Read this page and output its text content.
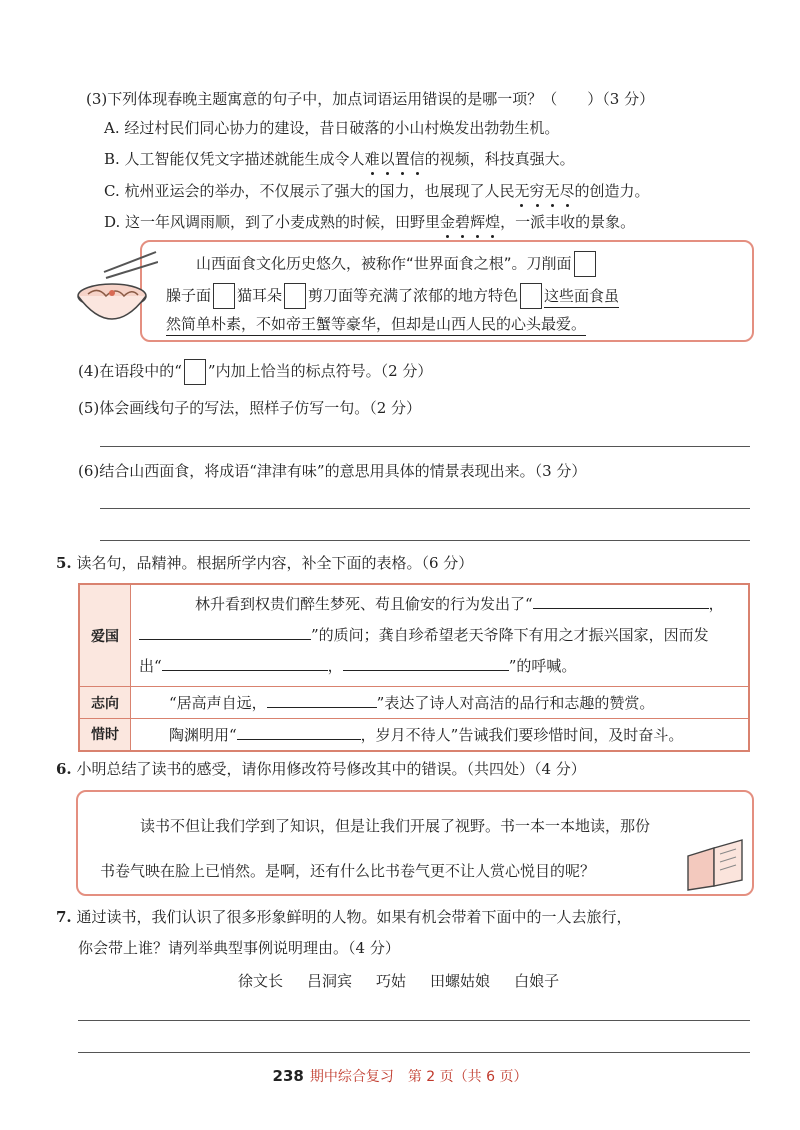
(3)下列体现春晚主题寓意的句子中，加点词语运用错误的是哪一项？（　　）（3 分）
A. 经过村民们同心协力的建设，昔日破落的小山村焕发出勃勃生机。
B. 人工智能仅凭文字描述就能生成令人难以置信的视频，科技真强大。
C. 杭州亚运会的举办，不仅展示了强大的国力，也展现了人民无穷无尽的创造力。
D. 这一年风调雨顺，到了小麦成熟的时候，田野里金碧辉煌，一派丰收的景象。
山西面食文化历史悠久，被称作“世界面食之根”。刀削面
臊子面 猫耳朵 剪刀面等充满了浓郁的地方特色 这些面食虽
然简单朴素，不如帝王蟹等豪华，但却是山西人民的心头最爱。
(4)在语段中的“ ”内加上恰当的标点符号。（2 分）
(5)体会画线句子的写法，照样子仿写一句。（2 分）
(6)结合山西面食，将成语“津津有味”的意思用具体的情景表现出来。（3 分）
5. 读名句，品精神。根据所学内容，补全下面的表格。（6 分）
爱国	林升看到权贵们醉生梦死、苟且偷安的行为发出了“ ，
”的质问；龚自珍希望老天爷降下有用之才振兴国家，因而发
出“ ， ”的呼喊。

志向	“居高声自远， ”表达了诗人对高洁的品行和志趣的赞赏。
惜时	陶渊明用“ ，岁月不待人”告诫我们要珍惜时间，及时奋斗。
6. 小明总结了读书的感受，请你用修改符号修改其中的错误。（共四处）（4 分）
读书不但让我们学到了知识，但是让我们开展了视野。书一本一本地读，那份
书卷气映在脸上已悄然。是啊，还有什么比书卷气更不让人赏心悦目的呢？
7. 通过读书，我们认识了很多形象鲜明的人物。如果有机会带着下面中的一人去旅行，
你会带上谁？请列举典型事例说明理由。（4 分）
徐文长 吕洞宾 巧姑 田螺姑娘 白娘子
238 期中综合复习　第 2 页（共 6 页）
